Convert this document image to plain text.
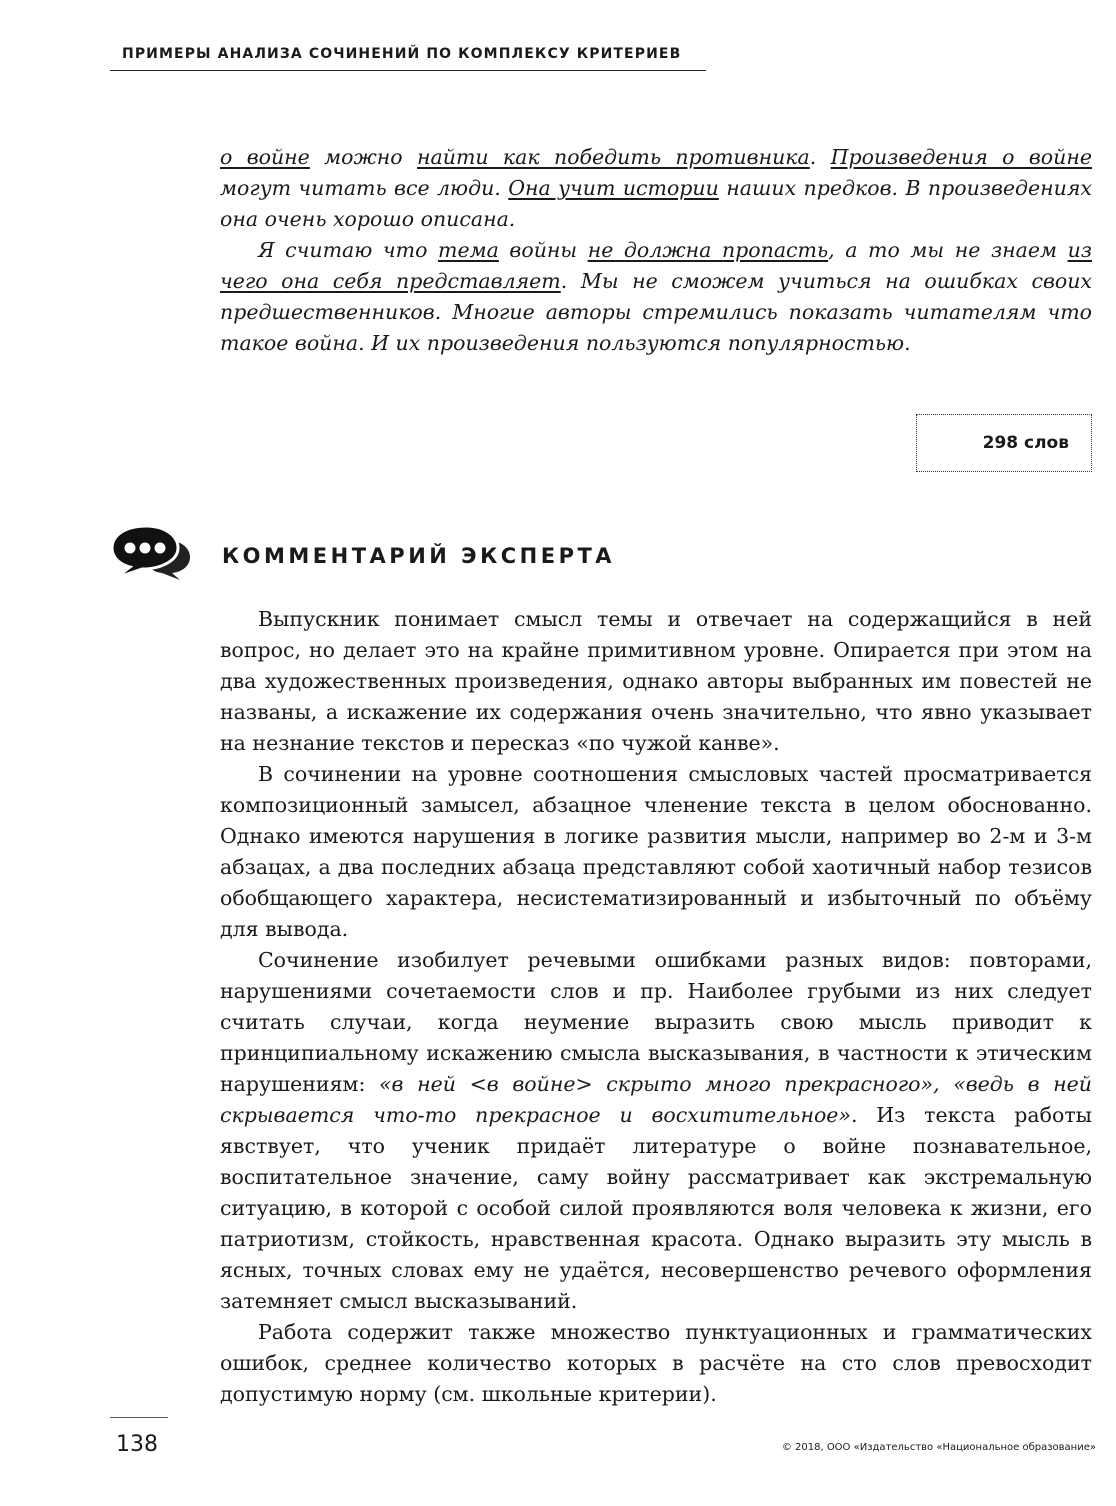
ПРИМЕРЫ АНАЛИЗА СОЧИНЕНИЙ ПО КОМПЛЕКСУ КРИТЕРИЕВ

о войне можно найти как победить противника. Произведения о войне могут читать все люди. Она учит истории наших предков. В произведениях она очень хорошо описана.

Я считаю что тема войны не должна пропасть, а то мы не знаем из чего она себя представляет. Мы не сможем учиться на ошибках своих предшественников. Многие авторы стремились показать читателям что такое война. И их произведения пользуются популярностью.

298 слов
КОММЕНТАРИЙ ЭКСПЕРТА

Выпускник понимает смысл темы и отвечает на содержащийся в ней вопрос, но делает это на крайне примитивном уровне. Опирается при этом на два художественных произведения, однако авторы выбранных им повестей не названы, а искажение их содержания очень значительно, что явно указывает на незнание текстов и пересказ «по чужой канве».

В сочинении на уровне соотношения смысловых частей просматривается композиционный замысел, абзацное членение текста в целом обоснованно. Однако имеются нарушения в логике развития мысли, например во 2-м и 3-м абзацах, а два последних абзаца представляют собой хаотичный набор тезисов обобщающего характера, несистематизированный и избыточный по объёму для вывода.

Сочинение изобилует речевыми ошибками разных видов: повторами, нарушениями сочетаемости слов и пр. Наиболее грубыми из них следует считать случаи, когда неумение выразить свою мысль приводит к принципиальному искажению смысла высказывания, в частности к этическим нарушениям: «в ней <в войне> скрыто много прекрасного», «ведь в ней скрывается что-то прекрасное и восхитительное». Из текста работы явствует, что ученик придаёт литературе о войне познавательное, воспитательное значение, саму войну рассматривает как экстремальную ситуацию, в которой с особой силой проявляются воля человека к жизни, его патриотизм, стойкость, нравственная красота. Однако выразить эту мысль в ясных, точных словах ему не удаётся, несовершенство речевого оформления затемняет смысл высказываний.

Работа содержит также множество пунктуационных и грамматических ошибок, среднее количество которых в расчёте на сто слов превосходит допустимую норму (см. школьные критерии).

138	© 2018, ООО «Издательство «Национальное образование»
